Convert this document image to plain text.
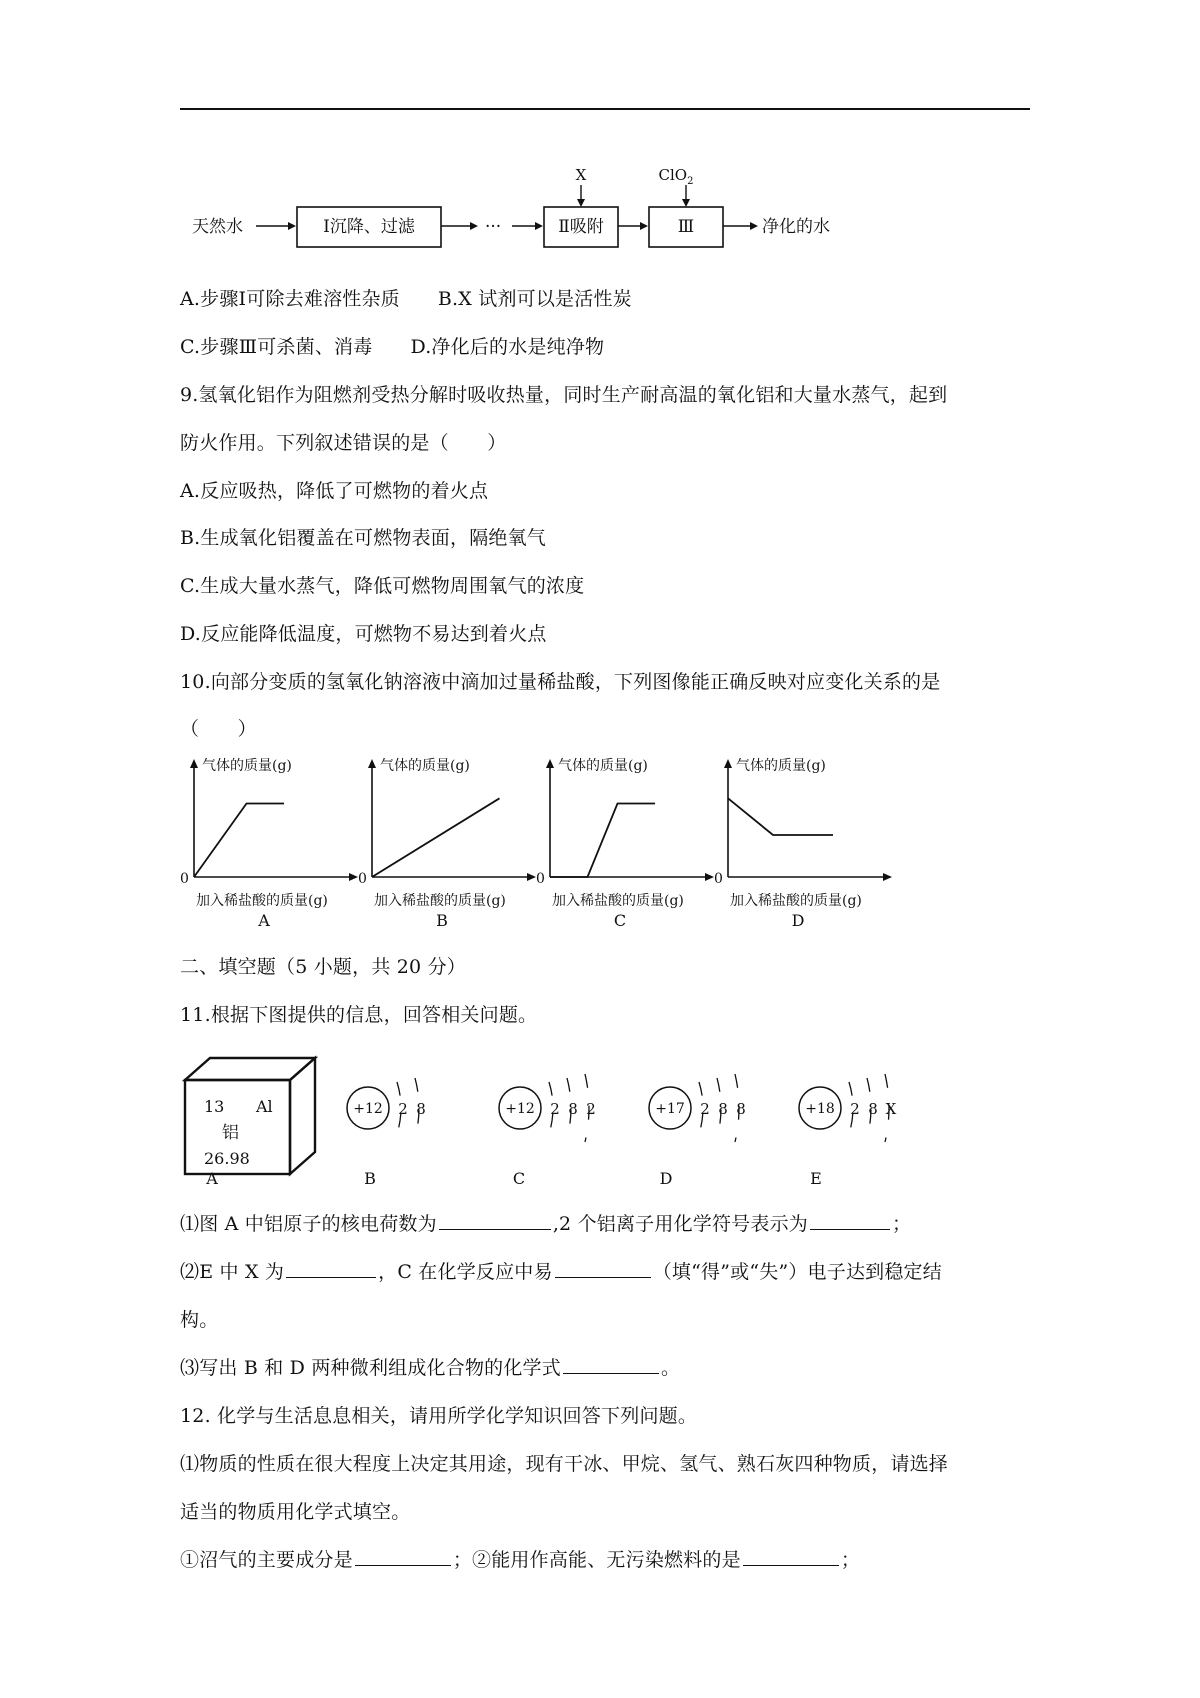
天然水	Ⅰ沉降、过滤	···	Ⅱ吸附
X
Ⅲ
ClO$_2$
净化的水
A.步骤Ⅰ可除去难溶性杂质 B.X 试剂可以是活性炭
C.步骤Ⅲ可杀菌、消毒 D.净化后的水是纯净物
9.氢氧化铝作为阻燃剂受热分解时吸收热量，同时生产耐高温的氧化铝和大量水蒸气，起到
防火作用。下列叙述错误的是（　　）
A.反应吸热，降低了可燃物的着火点
B.生成氧化铝覆盖在可燃物表面，隔绝氧气
C.生成大量水蒸气，降低可燃物周围氧气的浓度
D.反应能降低温度，可燃物不易达到着火点
10.向部分变质的氢氧化钠溶液中滴加过量稀盐酸，下列图像能正确反映对应变化关系的是
（　　）
气体的质量(g)
0
加入稀盐酸的质量(g)
A
气体的质量(g)
0
加入稀盐酸的质量(g)
B
气体的质量(g)
0
加入稀盐酸的质量(g)
C
气体的质量(g)
0
加入稀盐酸的质量(g)
D
二、填空题（5 小题，共 20 分）
11.根据下图提供的信息，回答相关问题。
13 Al
铝
26.98
+12 2 8	+12 2 8 2	+17 2 8 8	+18 2 8 X
A	B	C	D	E
⑴图 A 中铝原子的核电荷数为	,2 个铝离子用化学符号表示为	；
⑵E 中 X 为	，C 在化学反应中易	（填“得”或“失”）电子达到稳定结
构。
⑶写出 B 和 D 两种微利组成化合物的化学式	。
12. 化学与生活息息相关，请用所学化学知识回答下列问题。
⑴物质的性质在很大程度上决定其用途，现有干冰、甲烷、氢气、熟石灰四种物质，请选择
适当的物质用化学式填空。
①沼气的主要成分是	；②能用作高能、无污染燃料的是	；
